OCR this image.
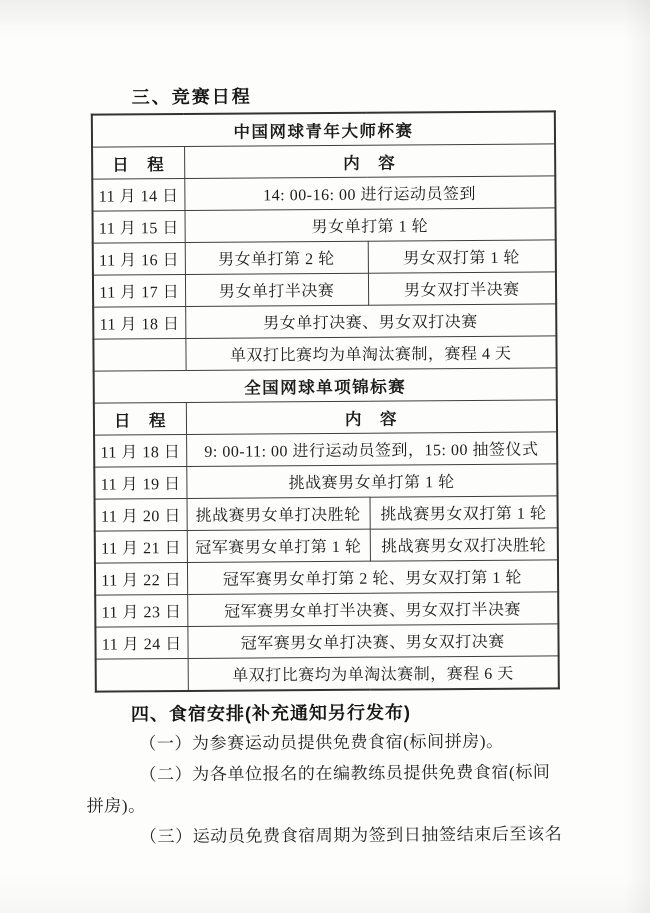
三、竞赛日程
中国网球青年大师杯赛		
日　程	内　容	
11 月 14 日	14: 00-16: 00 进行运动员签到	
11 月 15 日	男女单打第 1 轮	
11 月 16 日	男女单打第 2 轮	男女双打第 1 轮
11 月 17 日	男女单打半决赛	男女双打半决赛
11 月 18 日	男女单打决赛、男女双打决赛	
	单双打比赛均为单淘汰赛制，赛程 4 天	
全国网球单项锦标赛		
日　程	内　容	
11 月 18 日	9: 00-11: 00 进行运动员签到，15: 00 抽签仪式	
11 月 19 日	挑战赛男女单打第 1 轮	
11 月 20 日	挑战赛男女单打决胜轮	挑战赛男女双打第 1 轮
11 月 21 日	冠军赛男女单打第 1 轮	挑战赛男女双打决胜轮
11 月 22 日	冠军赛男女单打第 2 轮、男女双打第 1 轮	
11 月 23 日	冠军赛男女单打半决赛、男女双打半决赛	
11 月 24 日	冠军赛男女单打决赛、男女双打决赛	
	单双打比赛均为单淘汰赛制，赛程 6 天	
四、食宿安排(补充通知另行发布)
（一）为参赛运动员提供免费食宿(标间拼房)。
（二）为各单位报名的在编教练员提供免费食宿(标间
拼房)。
（三）运动员免费食宿周期为签到日抽签结束后至该名
